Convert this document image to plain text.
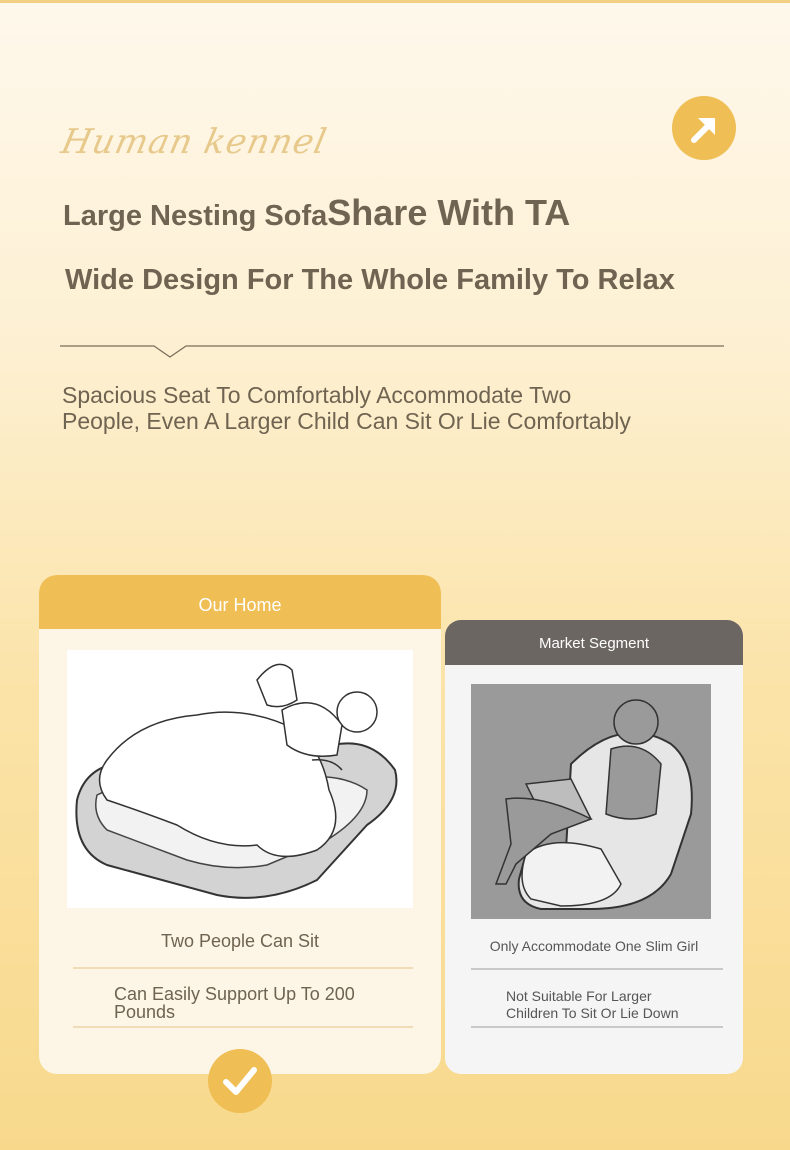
Human kennel
Large Nesting SofaShare With TA
Wide Design For The Whole Family To Relax
Spacious Seat To Comfortably Accommodate Two People, Even A Larger Child Can Sit Or Lie Comfortably
Our Home
Two People Can Sit
Can Easily Support Up To 200 Pounds
Market Segment
Only Accommodate One Slim Girl
Not Suitable For Larger Children To Sit Or Lie Down
